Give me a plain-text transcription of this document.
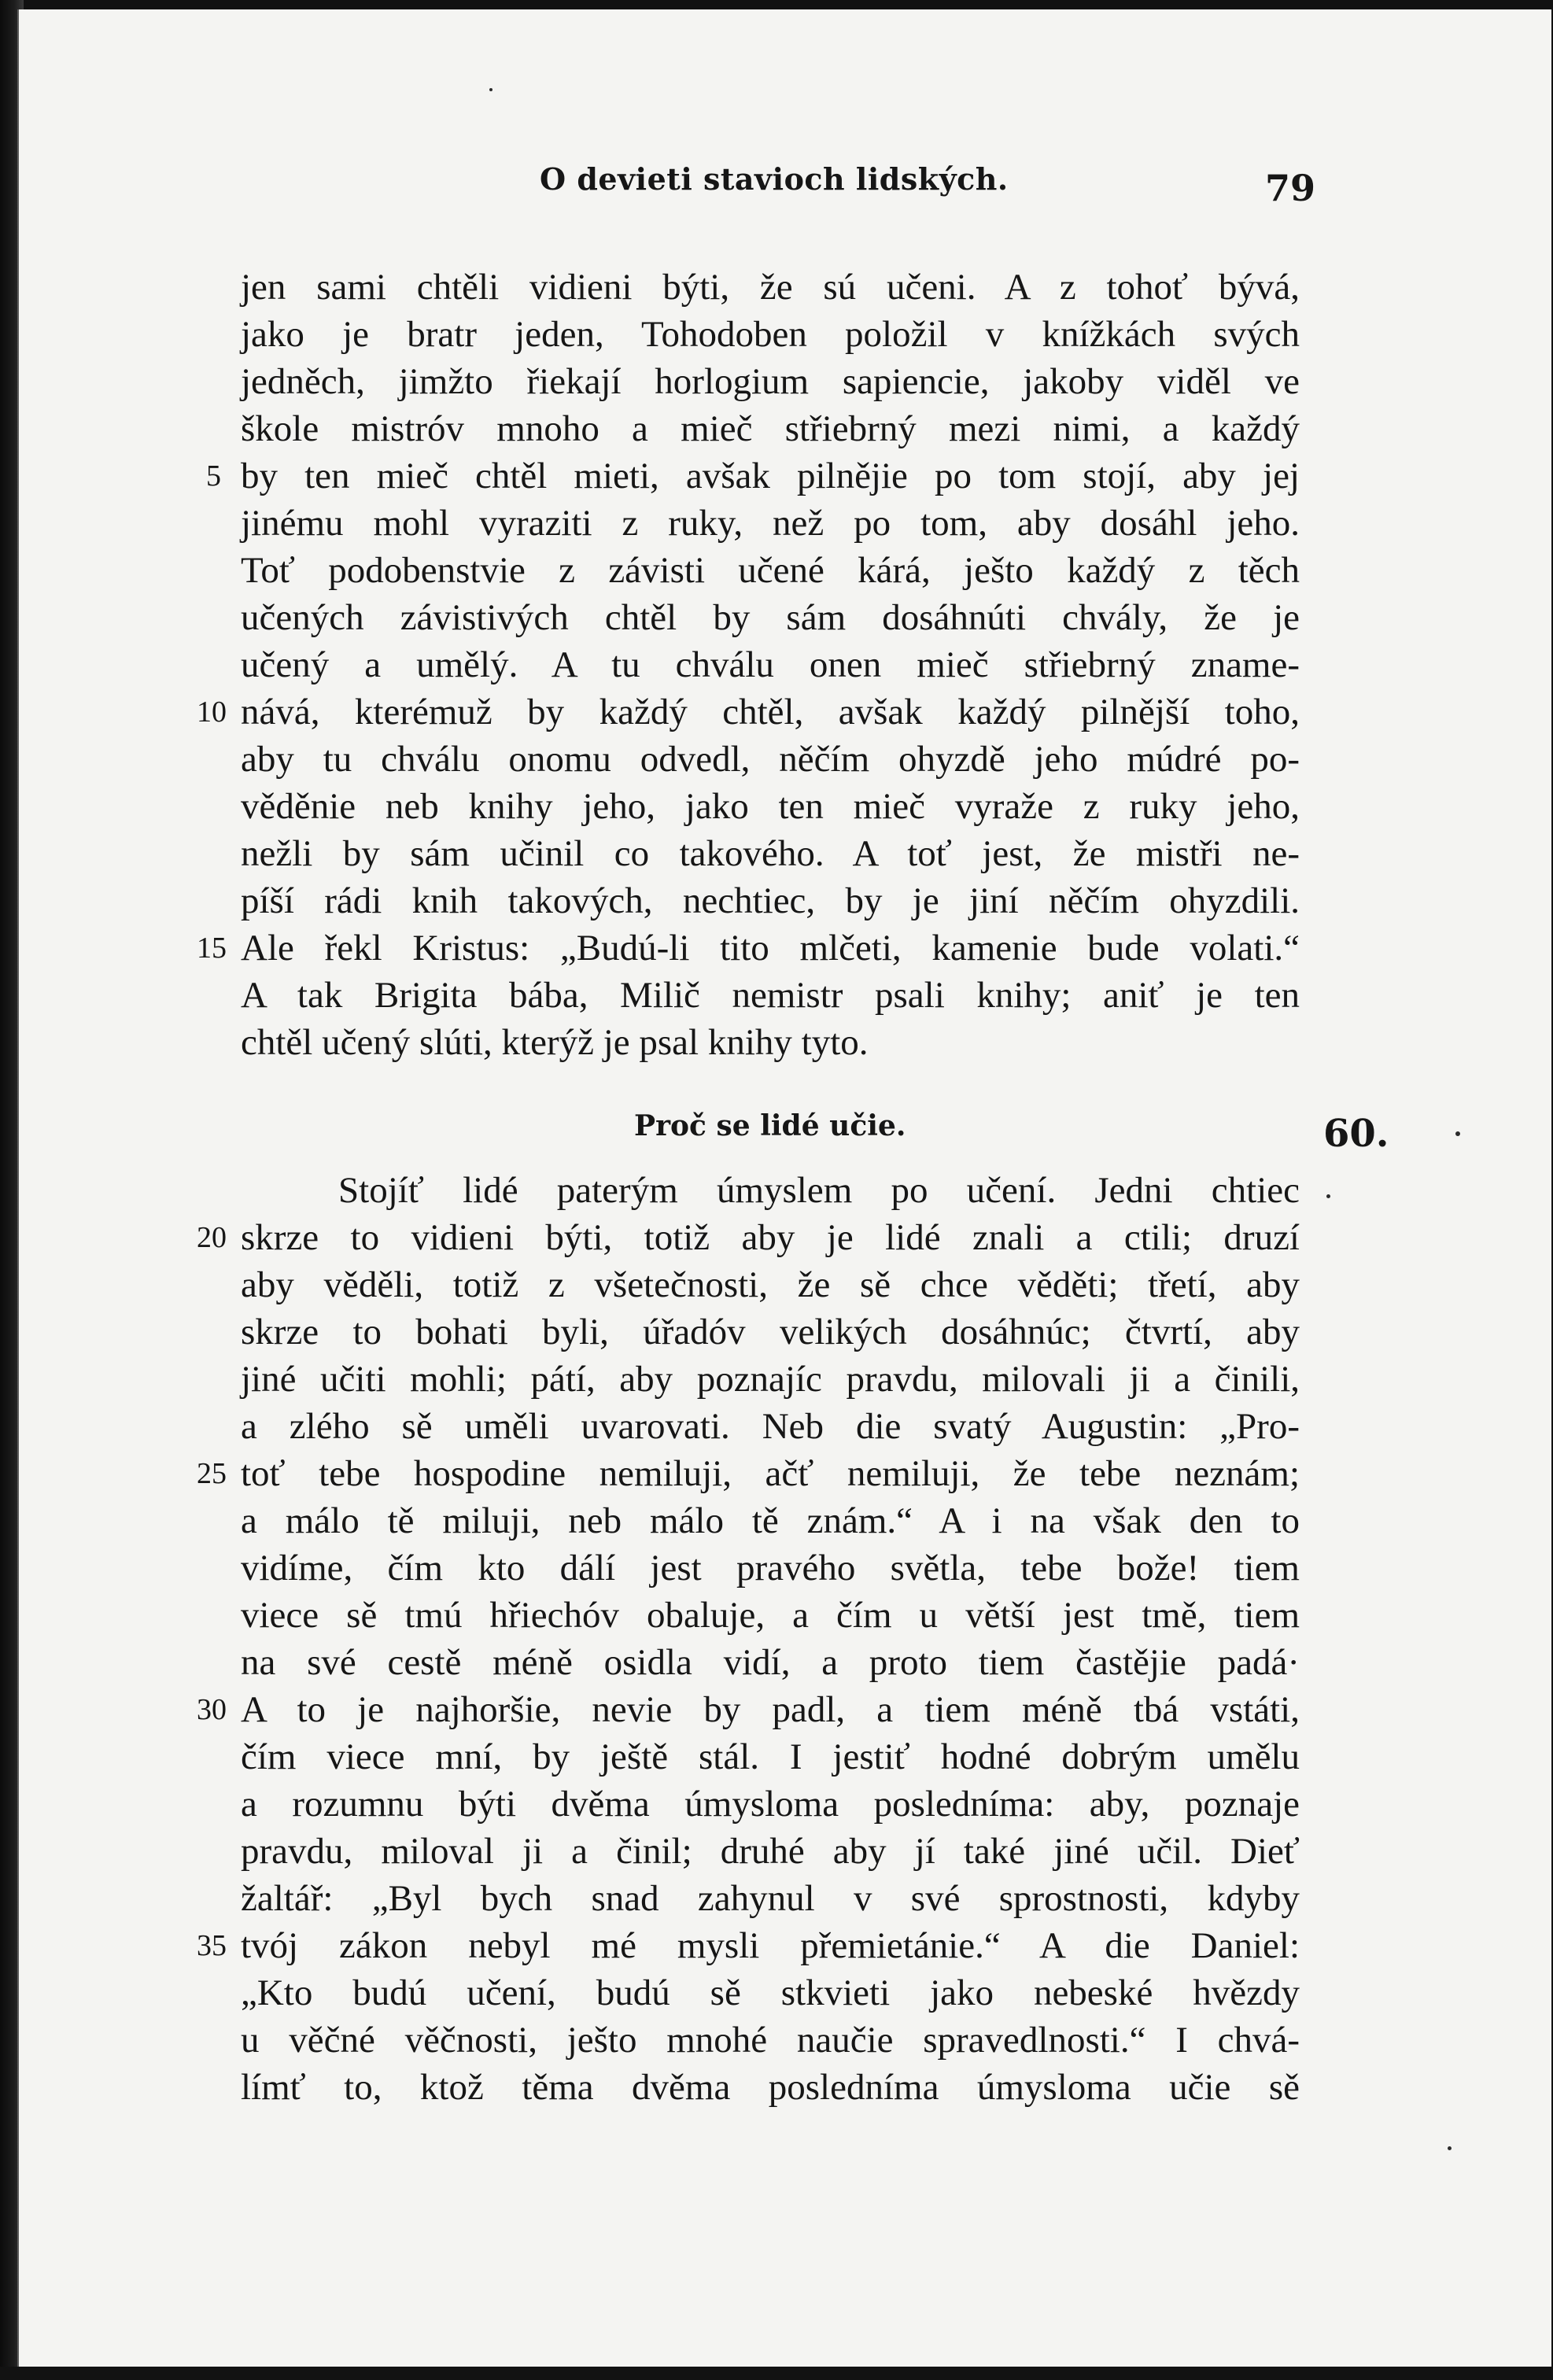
O devieti stavioch lidských.	79
jen sami chtěli vidieni býti, že sú učeni. A z tohoť bývá,
jako je bratr jeden, Tohodoben položil v knížkách svých
jedněch, jimžto řiekají horlogium sapiencie, jakoby viděl ve
škole mistróv mnoho a mieč střiebrný mezi nimi, a každý
by ten mieč chtěl mieti, avšak pilnějie po tom stojí, aby jej
jinému mohl vyraziti z ruky, než po tom, aby dosáhl jeho.
Toť podobenstvie z závisti učené kárá, ješto každý z těch
učených závistivých chtěl by sám dosáhnúti chvály, že je
učený a umělý. A tu chválu onen mieč střiebrný zname-
nává, kterémuž by každý chtěl, avšak každý pilnější toho,
aby tu chválu onomu odvedl, něčím ohyzdě jeho múdré po-
věděnie neb knihy jeho, jako ten mieč vyraže z ruky jeho,
nežli by sám učinil co takového. A toť jest, že mistři ne-
píší rádi knih takových, nechtiec, by je jiní něčím ohyzdili.
Ale řekl Kristus: „Budú-li tito mlčeti, kamenie bude volati.“
A tak Brigita bába, Milič nemistr psali knihy; aniť je ten
chtěl učený slúti, kterýž je psal knihy tyto.
Proč se lidé učie.	60.
Stojíť lidé paterým úmyslem po učení. Jedni chtiec
skrze to vidieni býti, totiž aby je lidé znali a ctili; druzí
aby věděli, totiž z všetečnosti, že sě chce věděti; třetí, aby
skrze to bohati byli, úřadóv velikých dosáhnúc; čtvrtí, aby
jiné učiti mohli; pátí, aby poznajíc pravdu, milovali ji a činili,
a zlého sě uměli uvarovati. Neb die svatý Augustin: „Pro-
toť tebe hospodine nemiluji, ačť nemiluji, že tebe neznám;
a málo tě miluji, neb málo tě znám.“ A i na však den to
vidíme, čím kto dálí jest pravého světla, tebe bože! tiem
viece sě tmú hřiechóv obaluje, a čím u větší jest tmě, tiem
na své cestě méně osidla vidí, a proto tiem častějie padá·
A to je najhoršie, nevie by padl, a tiem méně tbá vstáti,
čím viece mní, by ještě stál. I jestiť hodné dobrým umělu
a rozumnu býti dvěma úmysloma posledníma: aby, poznaje
pravdu, miloval ji a činil; druhé aby jí také jiné učil. Dieť
žaltář: „Byl bych snad zahynul v své sprostnosti, kdyby
tvój zákon nebyl mé mysli přemietánie.“ A die Daniel:
„Kto budú učení, budú sě stkvieti jako nebeské hvězdy
u věčné věčnosti, ješto mnohé naučie spravedlnosti.“ I chvá-
límť to, ktož těma dvěma posledníma úmysloma učie sě
5
10
15
20
25
30
35
